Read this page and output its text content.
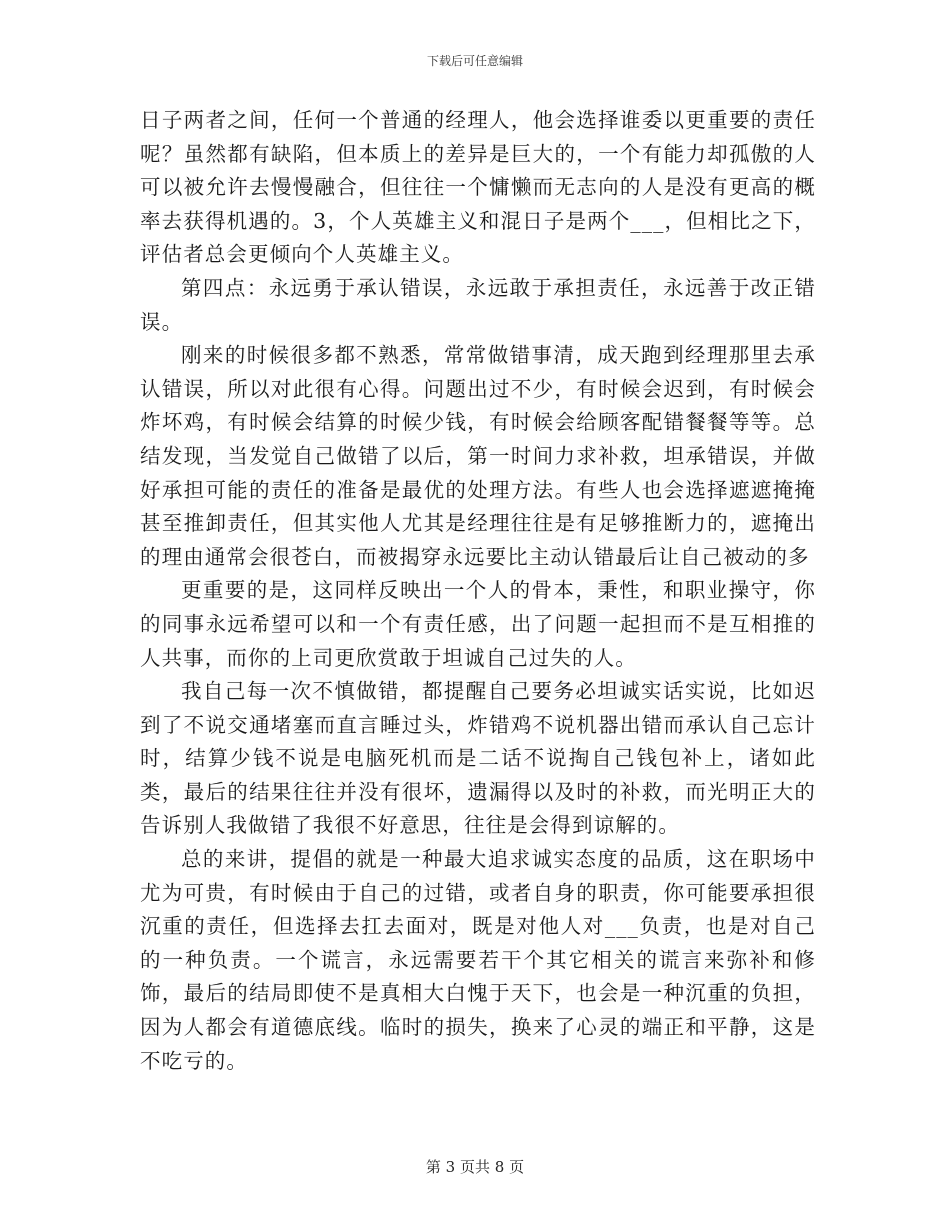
下载后可任意编辑

日子两者之间，任何一个普通的经理人，他会选择谁委以更重要的责任呢？虽然都有缺陷，但本质上的差异是巨大的，一个有能力却孤傲的人可以被允许去慢慢融合，但往往一个慵懒而无志向的人是没有更高的概率去获得机遇的。3，个人英雄主义和混日子是两个___，但相比之下，评估者总会更倾向个人英雄主义。

第四点：永远勇于承认错误，永远敢于承担责任，永远善于改正错误。

刚来的时候很多都不熟悉，常常做错事清，成天跑到经理那里去承认错误，所以对此很有心得。问题出过不少，有时候会迟到，有时候会炸坏鸡，有时候会结算的时候少钱，有时候会给顾客配错餐餐等等。总结发现，当发觉自己做错了以后，第一时间力求补救，坦承错误，并做好承担可能的责任的准备是最优的处理方法。有些人也会选择遮遮掩掩甚至推卸责任，但其实他人尤其是经理往往是有足够推断力的，遮掩出的理由通常会很苍白，而被揭穿永远要比主动认错最后让自己被动的多

更重要的是，这同样反映出一个人的骨本，秉性，和职业操守，你的同事永远希望可以和一个有责任感，出了问题一起担而不是互相推的人共事，而你的上司更欣赏敢于坦诚自己过失的人。

我自己每一次不慎做错，都提醒自己要务必坦诚实话实说，比如迟到了不说交通堵塞而直言睡过头，炸错鸡不说机器出错而承认自己忘计时，结算少钱不说是电脑死机而是二话不说掏自己钱包补上，诸如此类，最后的结果往往并没有很坏，遗漏得以及时的补救，而光明正大的告诉别人我做错了我很不好意思，往往是会得到谅解的。

总的来讲，提倡的就是一种最大追求诚实态度的品质，这在职场中尤为可贵，有时候由于自己的过错，或者自身的职责，你可能要承担很沉重的责任，但选择去扛去面对，既是对他人对___负责，也是对自己的一种负责。一个谎言，永远需要若干个其它相关的谎言来弥补和修饰，最后的结局即使不是真相大白愧于天下，也会是一种沉重的负担，因为人都会有道德底线。临时的损失，换来了心灵的端正和平静，这是不吃亏的。

第 3 页共 8 页
